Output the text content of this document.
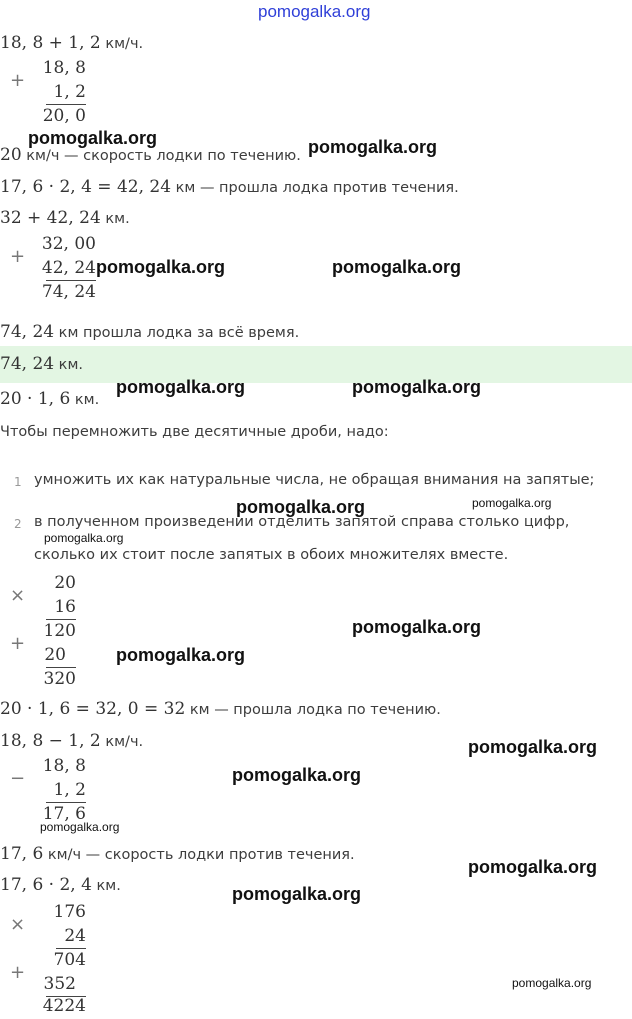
pomogalka.org
18, 8 + 1, 2 км/ч.
+
18, 8
1, 2
20, 0
20 км/ч — скорость лодки по течению.
17, 6 · 2, 4 = 42, 24 км — прошла лодка против течения.
32 + 42, 24 км.
+
32, 00
42, 24
74, 24
74, 24 км прошла лодка за всё время.
74, 24 км.
20 · 1, 6 км.
Чтобы перемножить две десятичные дроби, надо:
1 умножить их как натуральные числа, не обращая внимания на запятые;
2 в полученном произведении отделить запятой справа столько цифр,
сколько их стоит после запятых в обоих множителях вместе.
×
20
16
120
+
20
320
20 · 1, 6 = 32, 0 = 32 км — прошла лодка по течению.
18, 8 − 1, 2 км/ч.
−
18, 8
1, 2
17, 6
17, 6 км/ч — скорость лодки против течения.
17, 6 · 2, 4 км.
×
176
24
704
+
352
4224
pomogalka.org	pomogalka.org
pomogalka.org	pomogalka.org
pomogalka.org	pomogalka.org
pomogalka.org	pomogalka.org
pomogalka.org
pomogalka.org
pomogalka.org
pomogalka.org
pomogalka.org
pomogalka.org
pomogalka.org
pomogalka.org
pomogalka.org
